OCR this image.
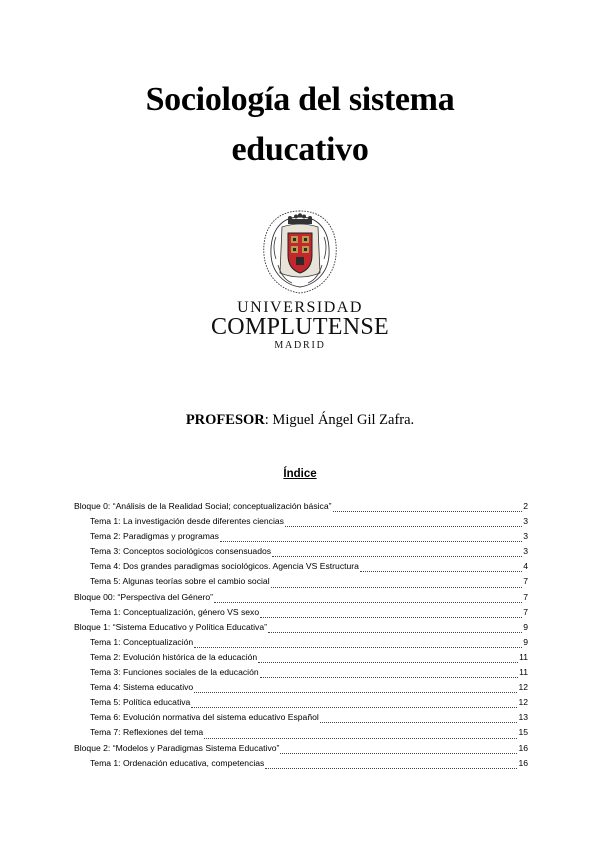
Sociología del sistema
educativo
UNIVERSIDAD
COMPLUTENSE
MADRID
PROFESOR: Miguel Ángel Gil Zafra.
Índice
Bloque 0: “Análisis de la Realidad Social; conceptualización básica”	2
Tema 1: La investigación desde diferentes ciencias	3
Tema 2: Paradigmas y programas	3
Tema 3: Conceptos sociológicos consensuados	3
Tema 4: Dos grandes paradigmas sociológicos. Agencia VS Estructura	4
Tema 5: Algunas teorías sobre el cambio social	7
Bloque 00: “Perspectiva del Género”	7
Tema 1: Conceptualización, género VS sexo	7
Bloque 1: “Sistema Educativo y Política Educativa”	9
Tema 1: Conceptualización	9
Tema 2: Evolución histórica de la educación	11
Tema 3: Funciones sociales de la educación	11
Tema 4: Sistema educativo	12
Tema 5: Política educativa	12
Tema 6: Evolución normativa del sistema educativo Español	13
Tema 7: Reflexiones del tema	15
Bloque 2: “Modelos y Paradigmas Sistema Educativo”	16
Tema 1: Ordenación educativa, competencias	16
